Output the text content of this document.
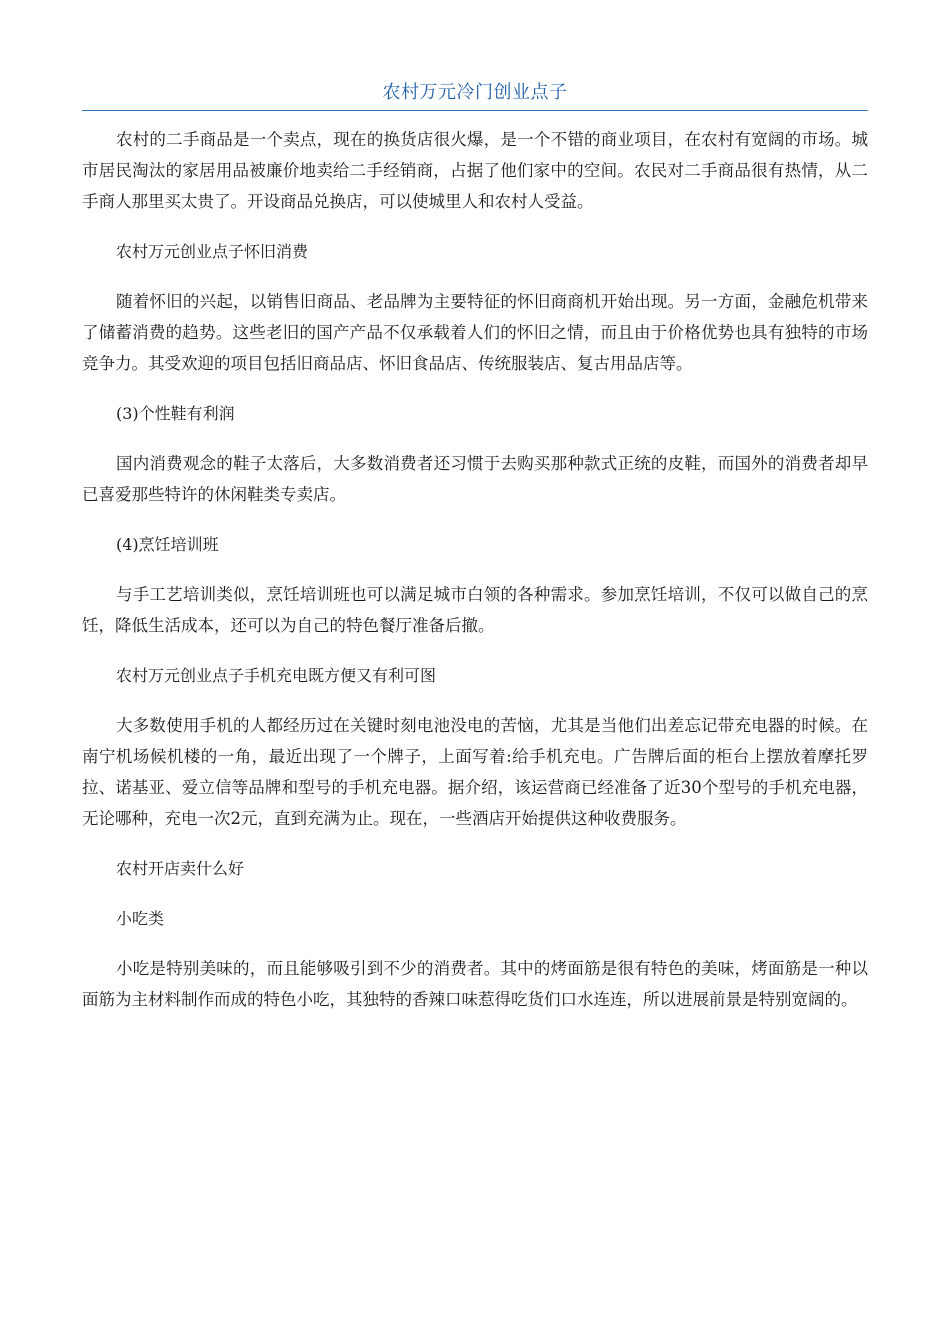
农村万元冷门创业点子

农村的二手商品是一个卖点，现在的换货店很火爆，是一个不错的商业项目，在农村有宽阔的市场。城市居民淘汰的家居用品被廉价地卖给二手经销商，占据了他们家中的空间。农民对二手商品很有热情，从二手商人那里买太贵了。开设商品兑换店，可以使城里人和农村人受益。

农村万元创业点子怀旧消费

随着怀旧的兴起，以销售旧商品、老品牌为主要特征的怀旧商商机开始出现。另一方面，金融危机带来了储蓄消费的趋势。这些老旧的国产产品不仅承载着人们的怀旧之情，而且由于价格优势也具有独特的市场竞争力。其受欢迎的项目包括旧商品店、怀旧食品店、传统服装店、复古用品店等。

(3)个性鞋有利润

国内消费观念的鞋子太落后，大多数消费者还习惯于去购买那种款式正统的皮鞋，而国外的消费者却早已喜爱那些特许的休闲鞋类专卖店。

(4)烹饪培训班

与手工艺培训类似，烹饪培训班也可以满足城市白领的各种需求。参加烹饪培训，不仅可以做自己的烹饪，降低生活成本，还可以为自己的特色餐厅准备后撤。

农村万元创业点子手机充电既方便又有利可图

大多数使用手机的人都经历过在关键时刻电池没电的苦恼，尤其是当他们出差忘记带充电器的时候。在南宁机场候机楼的一角，最近出现了一个牌子，上面写着:给手机充电。广告牌后面的柜台上摆放着摩托罗拉、诺基亚、爱立信等品牌和型号的手机充电器。据介绍，该运营商已经准备了近30个型号的手机充电器，无论哪种，充电一次2元，直到充满为止。现在，一些酒店开始提供这种收费服务。

农村开店卖什么好

小吃类

小吃是特别美味的，而且能够吸引到不少的消费者。其中的烤面筋是很有特色的美味，烤面筋是一种以面筋为主材料制作而成的特色小吃，其独特的香辣口味惹得吃货们口水连连，所以进展前景是特别宽阔的。
